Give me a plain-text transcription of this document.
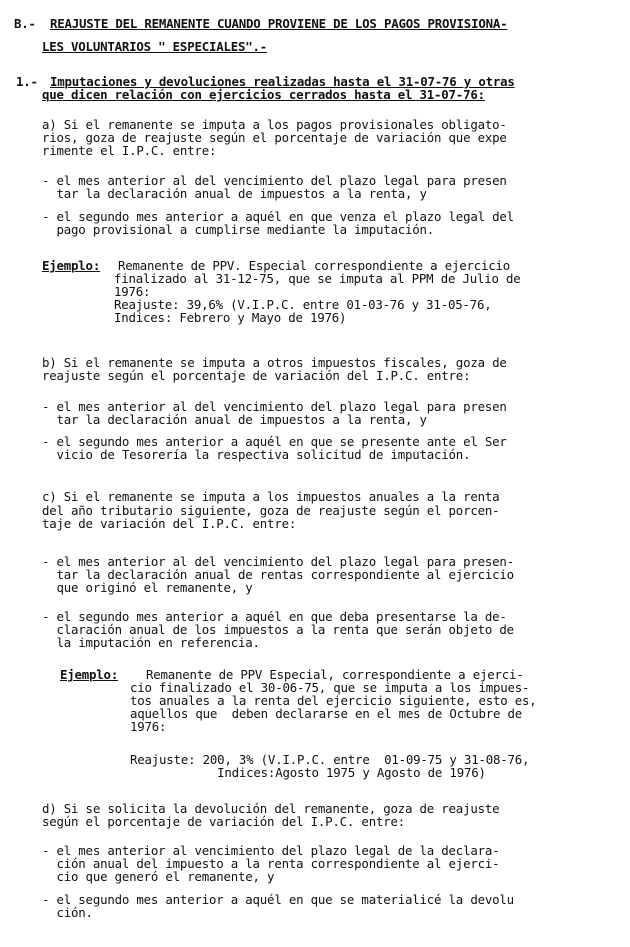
B.- REAJUSTE DEL REMANENTE CUANDO PROVIENE DE LOS PAGOS PROVISIONA-
LES VOLUNTARIOS " ESPECIALES".-
1.- Imputaciones y devoluciones realizadas hasta el 31-07-76 y otras
que dicen relación con ejercicios cerrados hasta el 31-07-76:
a) Si el remanente se imputa a los pagos provisionales obligato-
rios, goza de reajuste según el porcentaje de variación que expe
rimente el I.P.C. entre:
- el mes anterior al del vencimiento del plazo legal para presen
tar la declaración anual de impuestos a la renta, y
- el segundo mes anterior a aquél en que venza el plazo legal del
pago provisional a cumplirse mediante la imputación.
Ejemplo: Remanente de PPV. Especial correspondiente a ejercicio
finalizado al 31-12-75, que se imputa al PPM de Julio de
1976:
Reajuste: 39,6% (V.I.P.C. entre 01-03-76 y 31-05-76,
Indices: Febrero y Mayo de 1976)
b) Si el remanente se imputa a otros impuestos fiscales, goza de
reajuste según el porcentaje de variación del I.P.C. entre:
- el mes anterior al del vencimiento del plazo legal para presen
tar la declaración anual de impuestos a la renta, y
- el segundo mes anterior a aquél en que se presente ante el Ser
vicio de Tesorería la respectiva solicitud de imputación.
c) Si el remanente se imputa a los impuestos anuales a la renta
del año tributario siguiente, goza de reajuste según el porcen-
taje de variación del I.P.C. entre:
- el mes anterior al del vencimiento del plazo legal para presen-
tar la declaración anual de rentas correspondiente al ejercicio
que originó el remanente, y
- el segundo mes anterior a aquél en que deba presentarse la de-
claración anual de los impuestos a la renta que serán objeto de
la imputación en referencia.
Ejemplo: Remanente de PPV Especial, correspondiente a ejerci-
cio finalizado el 30-06-75, que se imputa a los impues-
tos anuales a la renta del ejercicio siguiente, esto es,
aquellos que  deben declararse en el mes de Octubre de
1976:
Reajuste: 200, 3% (V.I.P.C. entre  01-09-75 y 31-08-76,
Indices:Agosto 1975 y Agosto de 1976)
d) Si se solicita la devolución del remanente, goza de reajuste
según el porcentaje de variación del I.P.C. entre:
- el mes anterior al vencimiento del plazo legal de la declara-
ción anual del impuesto a la renta correspondiente al ejerci-
cio que generó el remanente, y
- el segundo mes anterior a aquél en que se materialicé la devolu
ción.
